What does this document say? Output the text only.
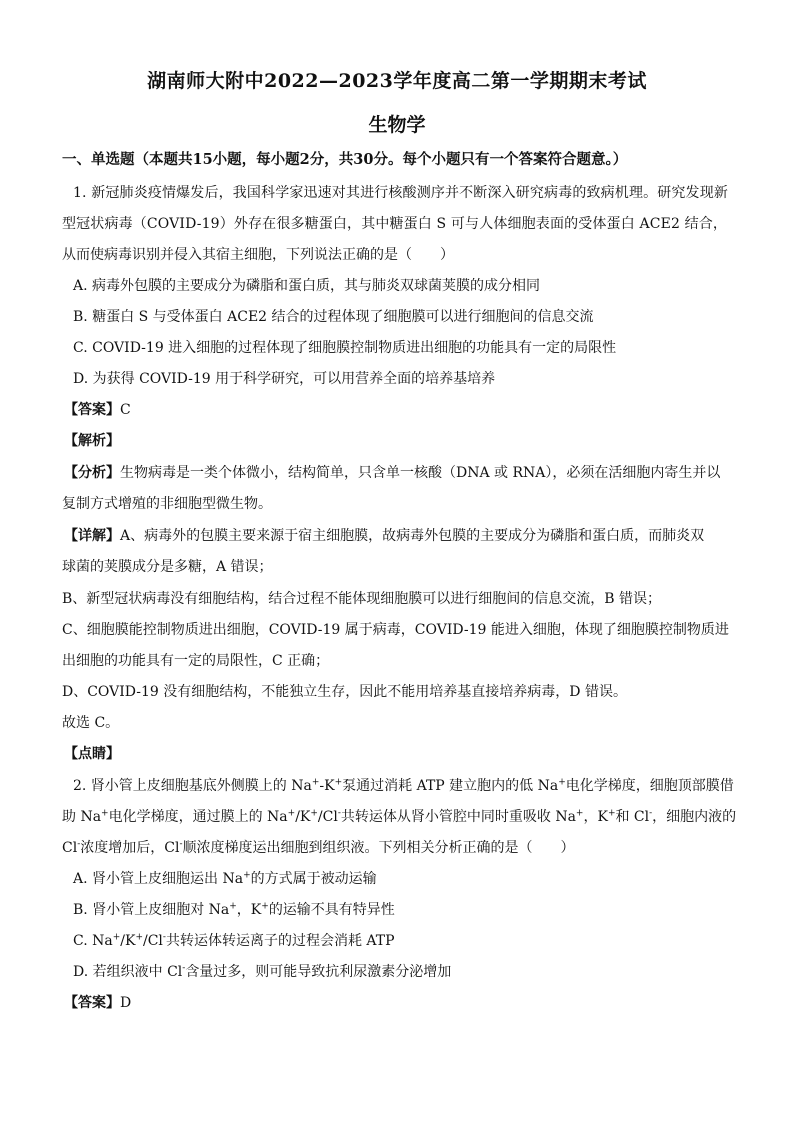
湖南师大附中2022—2023学年度高二第一学期期末考试
生物学
一、单选题（本题共15小题，每小题2分，共30分。每个小题只有一个答案符合题意。）
1. 新冠肺炎疫情爆发后，我国科学家迅速对其进行核酸测序并不断深入研究病毒的致病机理。研究发现新
型冠状病毒（COVID-19）外存在很多糖蛋白，其中糖蛋白 S 可与人体细胞表面的受体蛋白 ACE2 结合，
从而使病毒识别并侵入其宿主细胞，下列说法正确的是（　　）
A. 病毒外包膜的主要成分为磷脂和蛋白质，其与肺炎双球菌荚膜的成分相同
B. 糖蛋白 S 与受体蛋白 ACE2 结合的过程体现了细胞膜可以进行细胞间的信息交流
C. COVID-19 进入细胞的过程体现了细胞膜控制物质进出细胞的功能具有一定的局限性
D. 为获得 COVID-19 用于科学研究，可以用营养全面的培养基培养
【答案】C
【解析】
【分析】生物病毒是一类个体微小，结构简单，只含单一核酸（DNA 或 RNA），必须在活细胞内寄生并以
复制方式增殖的非细胞型微生物。
【详解】A、病毒外的包膜主要来源于宿主细胞膜，故病毒外包膜的主要成分为磷脂和蛋白质，而肺炎双
球菌的荚膜成分是多糖，A 错误；
B、新型冠状病毒没有细胞结构，结合过程不能体现细胞膜可以进行细胞间的信息交流，B 错误；
C、细胞膜能控制物质进出细胞，COVID-19 属于病毒，COVID-19 能进入细胞，体现了细胞膜控制物质进
出细胞的功能具有一定的局限性，C 正确；
D、COVID-19 没有细胞结构，不能独立生存，因此不能用培养基直接培养病毒，D 错误。
故选 C。
【点睛】
2. 肾小管上皮细胞基底外侧膜上的 Na+-K+泵通过消耗 ATP 建立胞内的低 Na+电化学梯度，细胞顶部膜借
助 Na+电化学梯度，通过膜上的 Na+/K+/Cl-共转运体从肾小管腔中同时重吸收 Na+，K+和 Cl-，细胞内液的
Cl-浓度增加后，Cl-顺浓度梯度运出细胞到组织液。下列相关分析正确的是（　　）
A. 肾小管上皮细胞运出 Na+的方式属于被动运输
B. 肾小管上皮细胞对 Na+，K+的运输不具有特异性
C. Na+/K+/Cl-共转运体转运离子的过程会消耗 ATP
D. 若组织液中 Cl-含量过多，则可能导致抗利尿激素分泌增加
【答案】D
